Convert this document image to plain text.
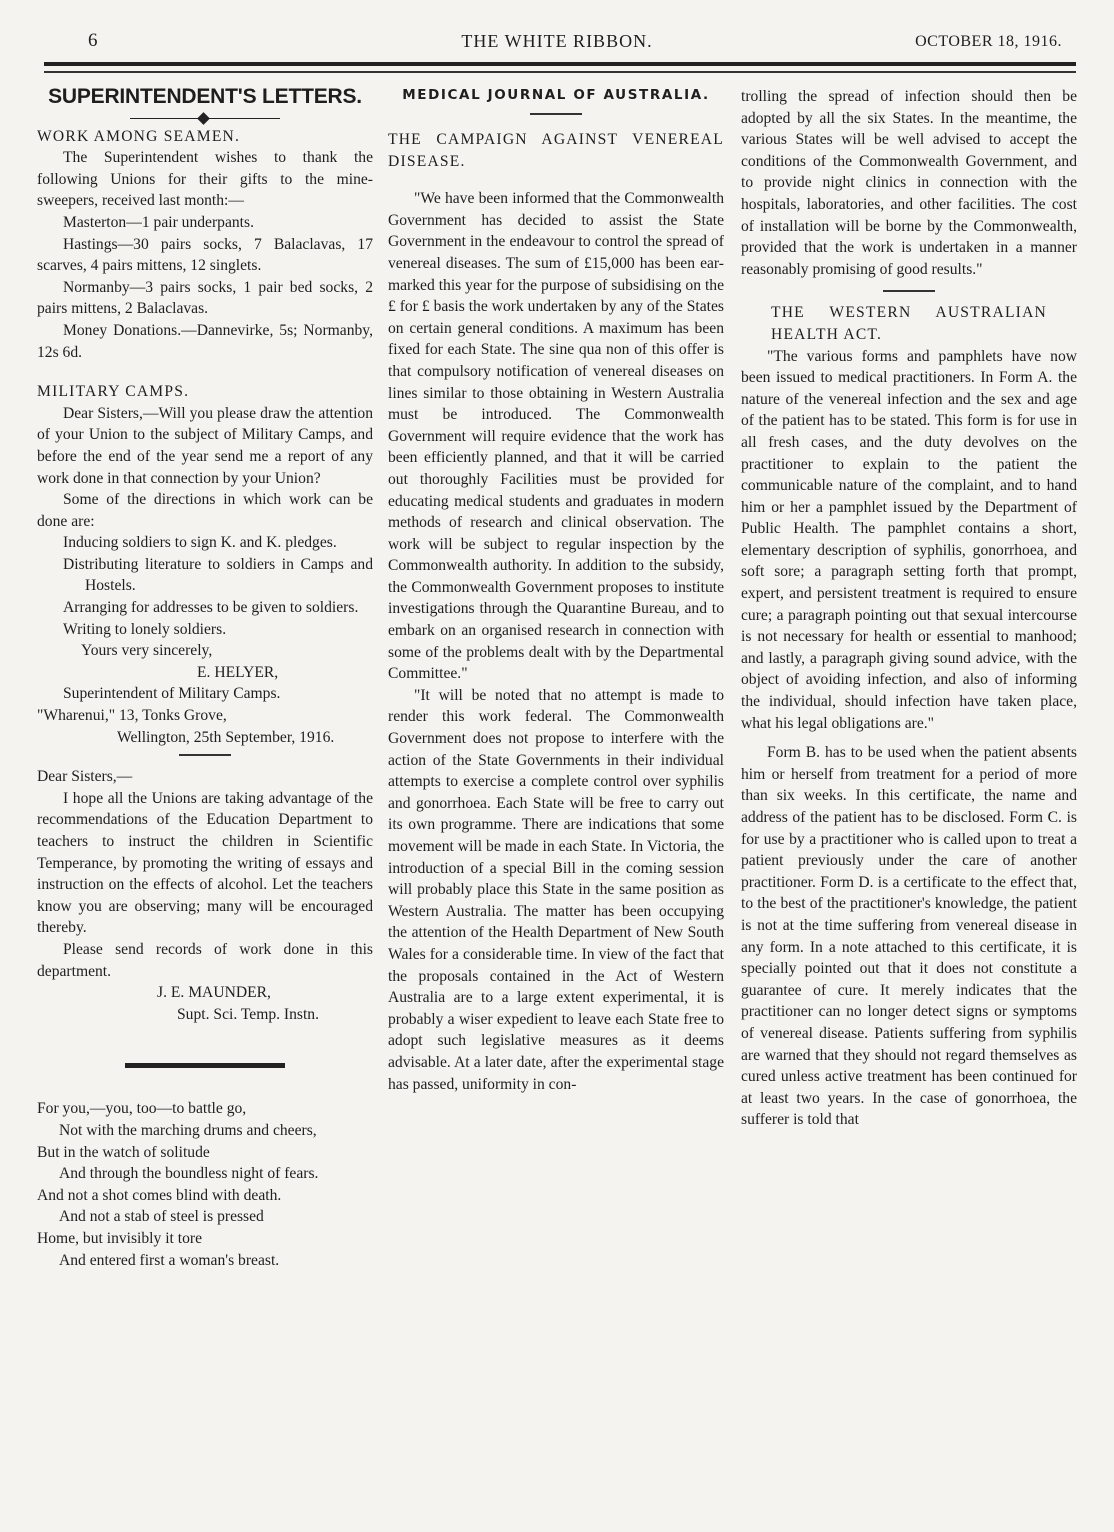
6	THE WHITE RIBBON.	OCTOBER 18, 1916.
SUPERINTENDENT'S LETTERS.

WORK AMONG SEAMEN.

The Superintendent wishes to thank the following Unions for their gifts to the mine-sweepers, received last month:—

Masterton—1 pair underpants.

Hastings—30 pairs socks, 7 Balaclavas, 17 scarves, 4 pairs mittens, 12 singlets.

Normanby—3 pairs socks, 1 pair bed socks, 2 pairs mittens, 2 Balaclavas.

Money Donations.—Dannevirke, 5s; Normanby, 12s 6d.

MILITARY CAMPS.

Dear Sisters,—Will you please draw the attention of your Union to the subject of Military Camps, and before the end of the year send me a report of any work done in that connection by your Union?

Some of the directions in which work can be done are:

Inducing soldiers to sign K. and K. pledges.

Distributing literature to soldiers in Camps and Hostels.

Arranging for addresses to be given to soldiers.

Writing to lonely soldiers.

Yours very sincerely,

E. HELYER,

Superintendent of Military Camps.

"Wharenui," 13, Tonks Grove,

Wellington, 25th September, 1916.

Dear Sisters,—

I hope all the Unions are taking advantage of the recommendations of the Education Department to teachers to instruct the children in Scientific Temperance, by promoting the writing of essays and instruction on the effects of alcohol. Let the teachers know you are observing; many will be encouraged thereby.

Please send records of work done in this department.

J. E. MAUNDER,

Supt. Sci. Temp. Instn.

For you,—you, too—to battle go,

Not with the marching drums and cheers,

But in the watch of solitude

And through the boundless night of fears.

And not a shot comes blind with death.

And not a stab of steel is pressed

Home, but invisibly it tore

And entered first a woman's breast.

MEDICAL JOURNAL OF AUSTRALIA.

THE CAMPAIGN AGAINST VENEREAL DISEASE.

"We have been informed that the Commonwealth Government has decided to assist the State Government in the endeavour to control the spread of venereal diseases. The sum of £15,000 has been ear-marked this year for the purpose of subsidising on the £ for £ basis the work undertaken by any of the States on certain general conditions. A maximum has been fixed for each State. The sine qua non of this offer is that compulsory notification of venereal diseases on lines similar to those obtaining in Western Australia must be introduced. The Commonwealth Government will require evidence that the work has been efficiently planned, and that it will be carried out thoroughly Facilities must be provided for educating medical students and graduates in modern methods of research and clinical observation. The work will be subject to regular inspection by the Commonwealth authority. In addition to the subsidy, the Commonwealth Government proposes to institute investigations through the Quarantine Bureau, and to embark on an organised research in connection with some of the problems dealt with by the Departmental Committee."

"It will be noted that no attempt is made to render this work federal. The Commonwealth Government does not propose to interfere with the action of the State Governments in their individual attempts to exercise a complete control over syphilis and gonorrhoea. Each State will be free to carry out its own programme. There are indications that some movement will be made in each State. In Victoria, the introduction of a special Bill in the coming session will probably place this State in the same position as Western Australia. The matter has been occupying the attention of the Health Department of New South Wales for a considerable time. In view of the fact that the proposals contained in the Act of Western Australia are to a large extent experimental, it is probably a wiser expedient to leave each State free to adopt such legislative measures as it deems advisable. At a later date, after the experimental stage has passed, uniformity in con-

trolling the spread of infection should then be adopted by all the six States. In the meantime, the various States will be well advised to accept the conditions of the Commonwealth Government, and to provide night clinics in connection with the hospitals, laboratories, and other facilities. The cost of installation will be borne by the Commonwealth, provided that the work is undertaken in a manner reasonably promising of good results."

THE WESTERN AUSTRALIAN HEALTH ACT.

"The various forms and pamphlets have now been issued to medical practitioners. In Form A. the nature of the venereal infection and the sex and age of the patient has to be stated. This form is for use in all fresh cases, and the duty devolves on the practitioner to explain to the patient the communicable nature of the complaint, and to hand him or her a pamphlet issued by the Department of Public Health. The pamphlet contains a short, elementary description of syphilis, gonorrhoea, and soft sore; a paragraph setting forth that prompt, expert, and persistent treatment is required to ensure cure; a paragraph pointing out that sexual intercourse is not necessary for health or essential to manhood; and lastly, a paragraph giving sound advice, with the object of avoiding infection, and also of informing the individual, should infection have taken place, what his legal obligations are."

Form B. has to be used when the patient absents him or herself from treatment for a period of more than six weeks. In this certificate, the name and address of the patient has to be disclosed. Form C. is for use by a practitioner who is called upon to treat a patient previously under the care of another practitioner. Form D. is a certificate to the effect that, to the best of the practitioner's knowledge, the patient is not at the time suffering from venereal disease in any form. In a note attached to this certificate, it is specially pointed out that it does not constitute a guarantee of cure. It merely indicates that the practitioner can no longer detect signs or symptoms of venereal disease. Patients suffering from syphilis are warned that they should not regard themselves as cured unless active treatment has been continued for at least two years. In the case of gonorrhoea, the sufferer is told that
